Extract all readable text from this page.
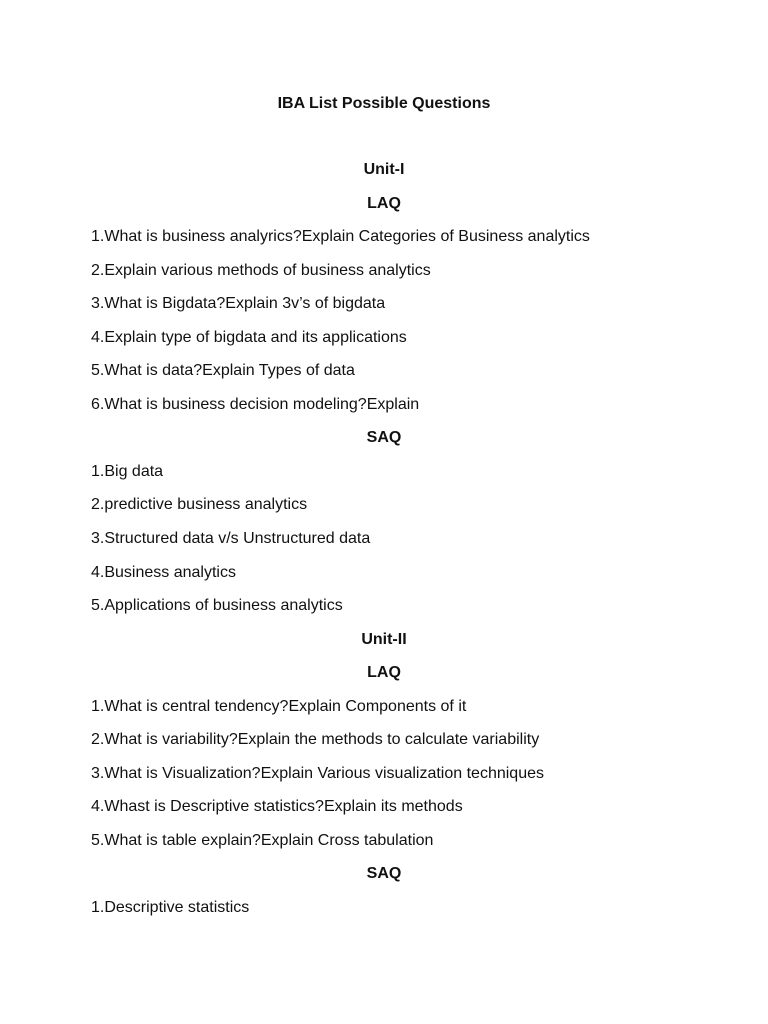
IBA List Possible Questions
Unit-I
LAQ
1.What is business analyrics?Explain Categories of Business analytics
2.Explain various methods of business analytics
3.What is Bigdata?Explain 3v’s of bigdata
4.Explain type of bigdata and its applications
5.What is data?Explain Types of data
6.What is business decision modeling?Explain
SAQ
1.Big data
2.predictive business analytics
3.Structured data v/s Unstructured data
4.Business analytics
5.Applications of business analytics
Unit-II
LAQ
1.What is central tendency?Explain Components of it
2.What is variability?Explain the methods to calculate variability
3.What is Visualization?Explain Various visualization techniques
4.Whast is Descriptive statistics?Explain its methods
5.What is table explain?Explain Cross tabulation
SAQ
1.Descriptive statistics
